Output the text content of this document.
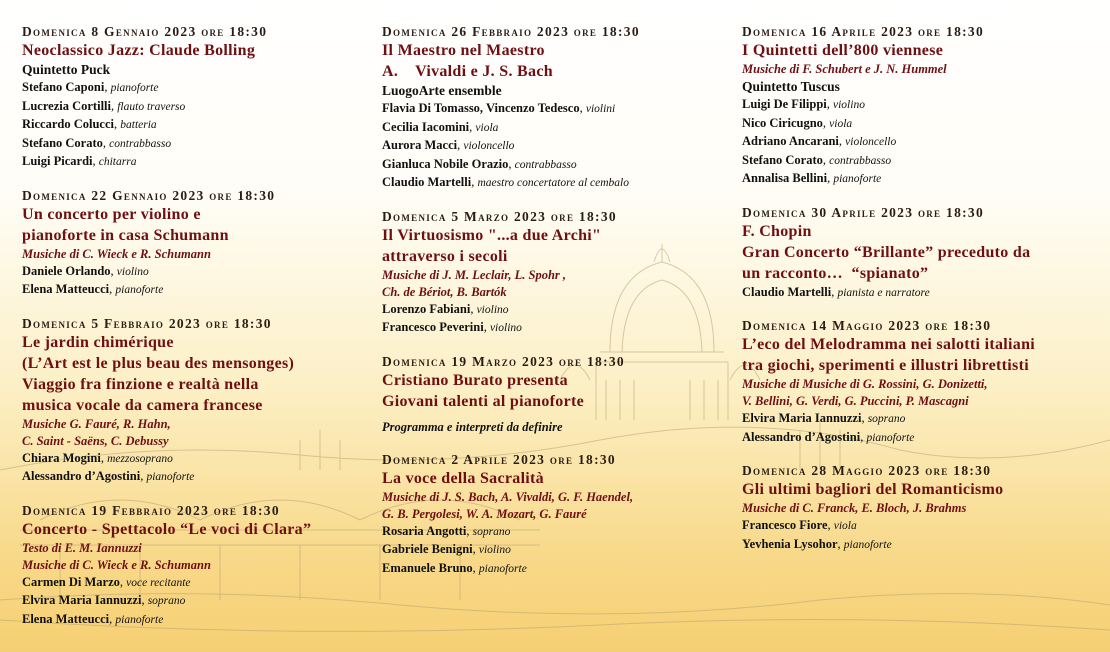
Domenica 8 Gennaio 2023 ore 18:30
Neoclassico Jazz: Claude Bolling
Quintetto Puck
Stefano Caponi, pianoforte
Lucrezia Cortilli, flauto traverso
Riccardo Colucci, batteria
Stefano Corato, contrabbasso
Luigi Picardi, chitarra
Domenica 22 Gennaio 2023 ore 18:30
Un concerto per violino e
pianoforte in casa Schumann
Musiche di C. Wieck e R. Schumann
Daniele Orlando, violino
Elena Matteucci, pianoforte
Domenica 5 Febbraio 2023 ore 18:30
Le jardin chimérique
(L’Art est le plus beau des mensonges)
Viaggio fra finzione e realtà nella
musica vocale da camera francese
Musiche G. Fauré, R. Hahn,
C. Saint - Saëns, C. Debussy
Chiara Mogini, mezzosoprano
Alessandro d’Agostini, pianoforte
Domenica 19 Febbraio 2023 ore 18:30
Concerto - Spettacolo “Le voci di Clara”
Testo di E. M. Iannuzzi
Musiche di C. Wieck e R. Schumann
Carmen Di Marzo, voce recitante
Elvira Maria Iannuzzi, soprano
Elena Matteucci, pianoforte
Domenica 26 Febbraio 2023 ore 18:30
Il Maestro nel Maestro
A.    Vivaldi e J. S. Bach
LuogoArte ensemble
Flavia Di Tomasso, Vincenzo Tedesco, violini
Cecilia Iacomini, viola
Aurora Macci, violoncello
Gianluca Nobile Orazio, contrabbasso
Claudio Martelli, maestro concertatore al cembalo
Domenica 5 Marzo 2023 ore 18:30
Il Virtuosismo "...a due Archi"
attraverso i secoli
Musiche di J. M. Leclair, L. Spohr ,
Ch. de Bériot, B. Bartók
Lorenzo Fabiani, violino
Francesco Peverini, violino
Domenica 19 Marzo 2023 ore 18:30
Cristiano Burato presenta
Giovani talenti al pianoforte
Programma e interpreti da definire
Domenica 2 Aprile 2023 ore 18:30
La voce della Sacralità
Musiche di J. S. Bach, A. Vivaldi, G. F. Haendel,
G. B. Pergolesi, W. A. Mozart, G. Fauré
Rosaria Angotti, soprano
Gabriele Benigni, violino
Emanuele Bruno, pianoforte
Domenica 16 Aprile 2023 ore 18:30
I Quintetti dell’800 viennese
Musiche di F. Schubert e J. N. Hummel
Quintetto Tuscus
Luigi De Filippi, violino
Nico Ciricugno, viola
Adriano Ancarani, violoncello
Stefano Corato, contrabbasso
Annalisa Bellini, pianoforte
Domenica 30 Aprile 2023 ore 18:30
F. Chopin
Gran Concerto “Brillante” preceduto da
un racconto…  “spianato”
Claudio Martelli, pianista e narratore
Domenica 14 Maggio 2023 ore 18:30
L’eco del Melodramma nei salotti italiani
tra giochi, sperimenti e illustri librettisti
Musiche di Musiche di G. Rossini, G. Donizetti,
V. Bellini, G. Verdi, G. Puccini, P. Mascagni
Elvira Maria Iannuzzi, soprano
Alessandro d’Agostini, pianoforte
Domenica 28 Maggio 2023 ore 18:30
Gli ultimi bagliori del Romanticismo
Musiche di C. Franck, E. Bloch, J. Brahms
Francesco Fiore, viola
Yevhenia Lysohor, pianoforte
